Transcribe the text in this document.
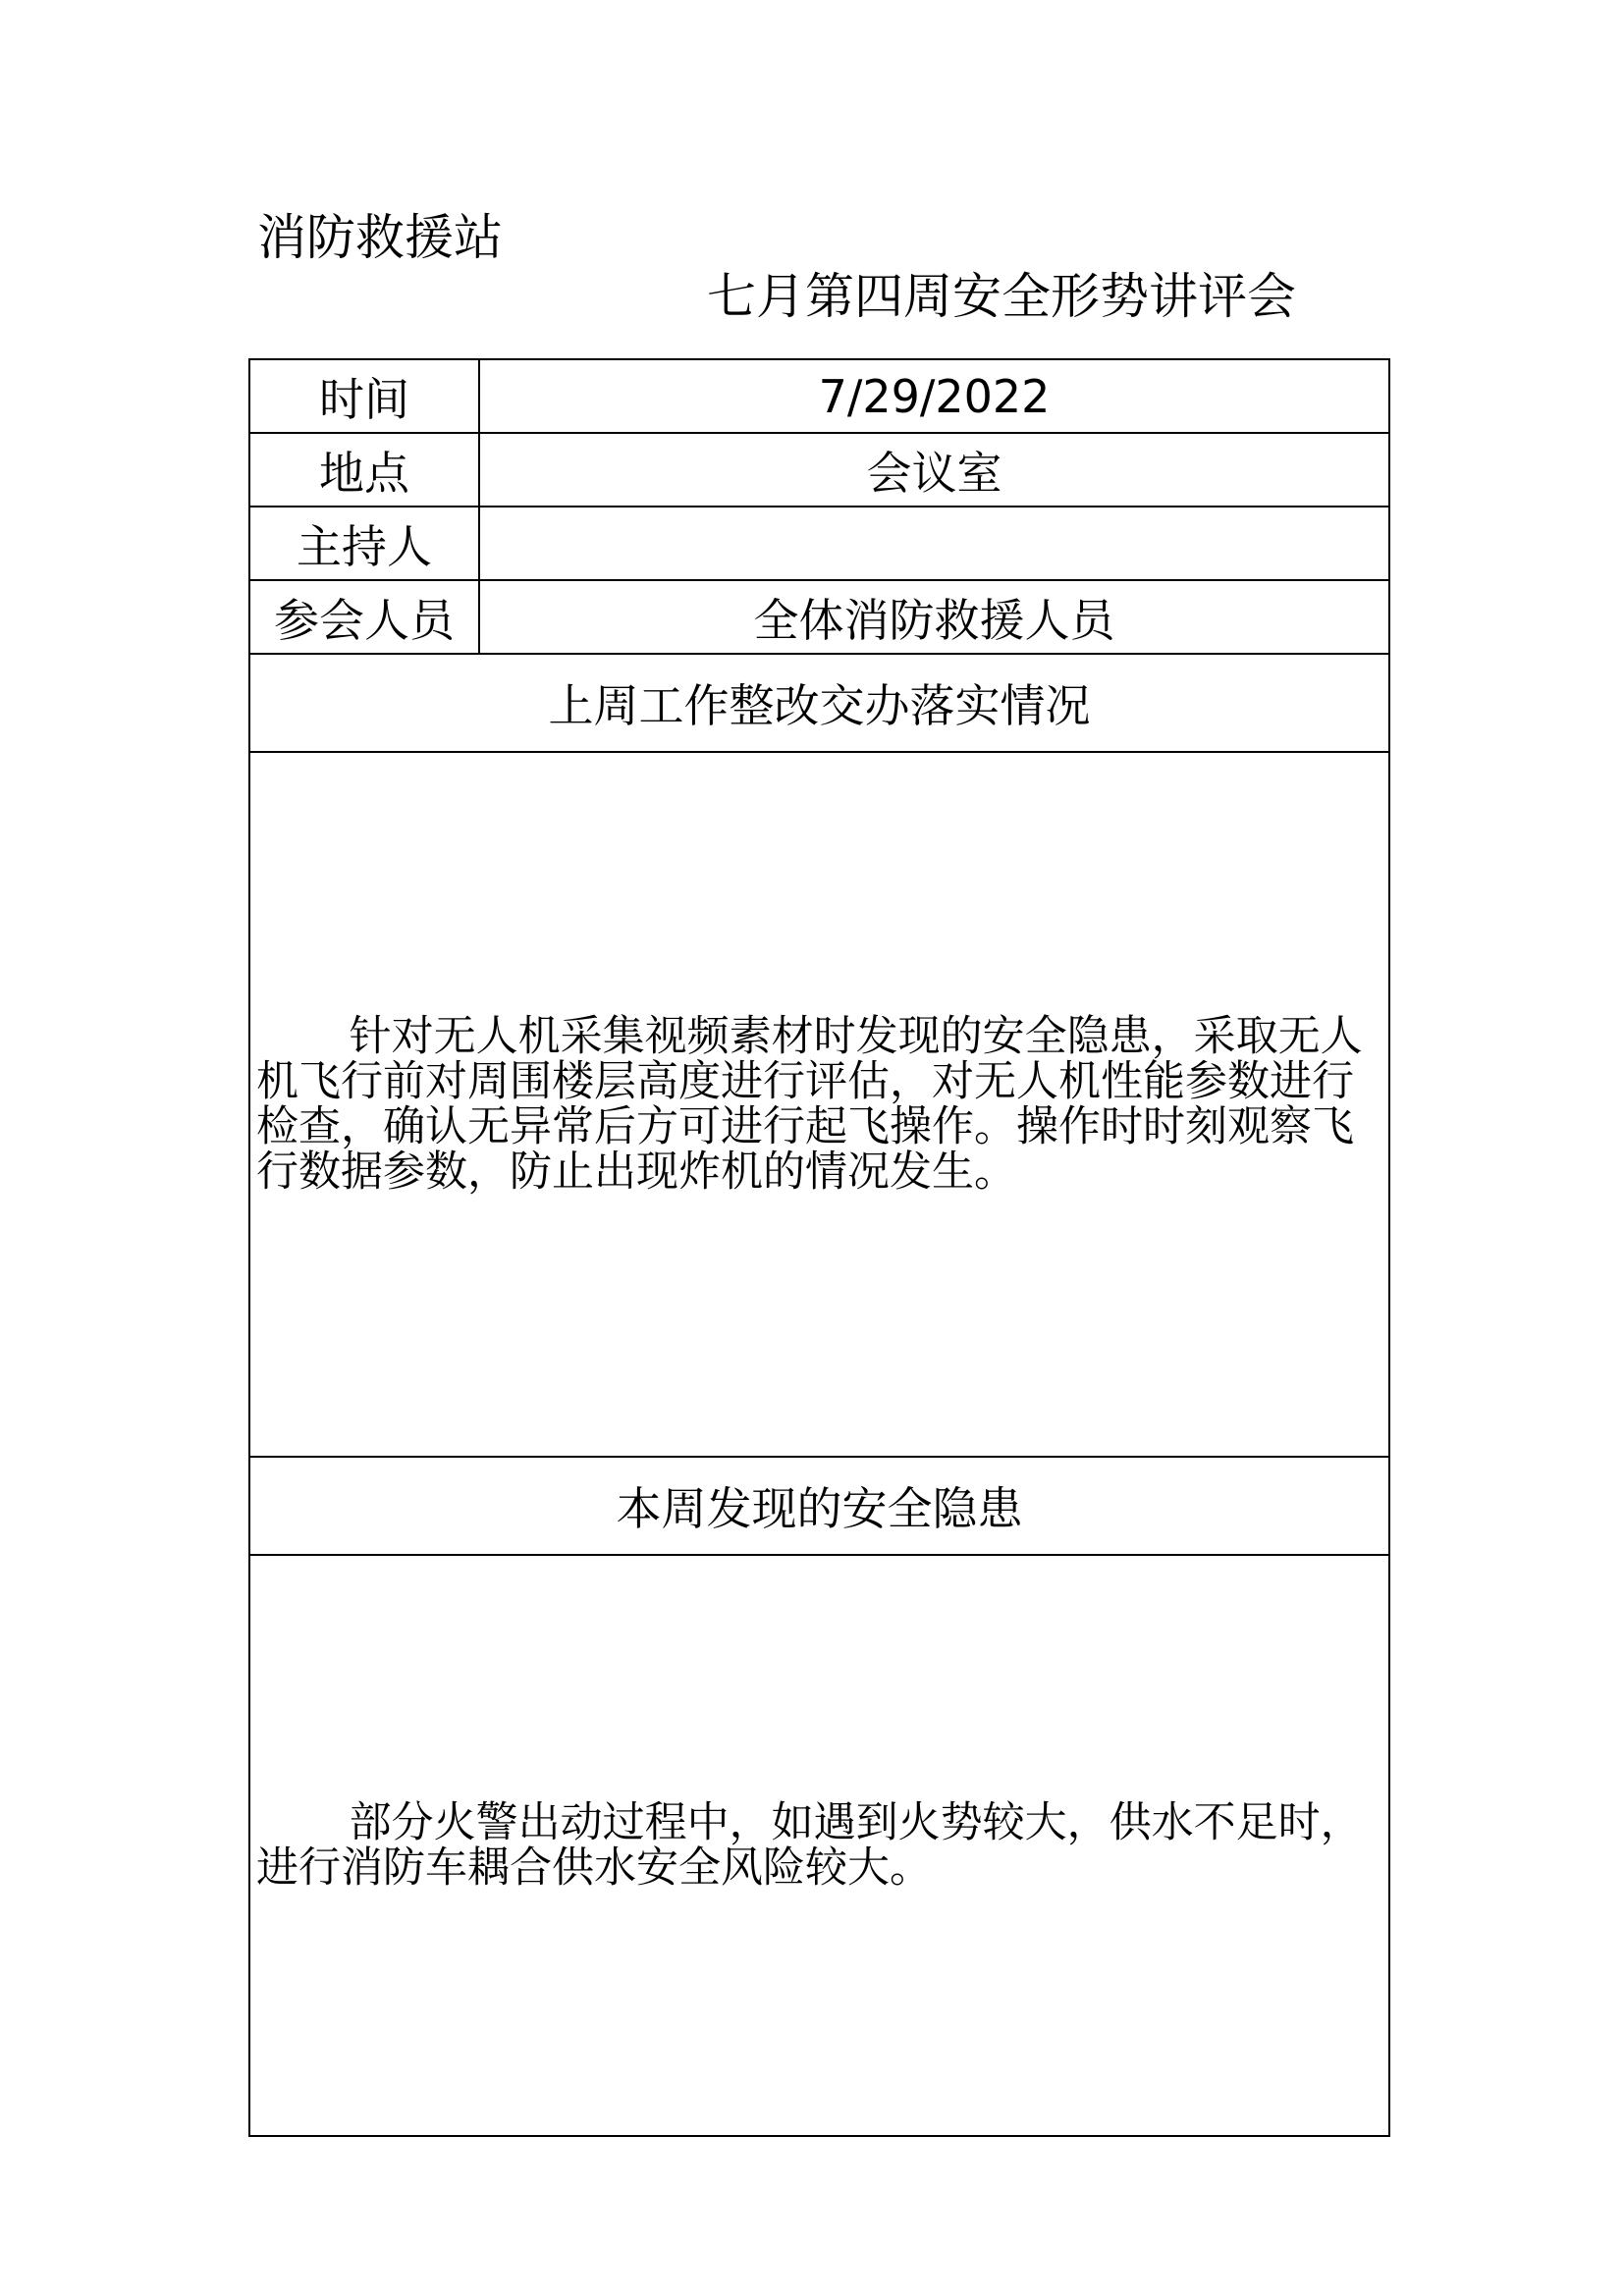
消防救援站
七月第四周安全形势讲评会
时间	7/29/2022
地点	会议室
主持人	
参会人员	全体消防救援人员
上周工作整改交办落实情况	

针对无人机采集视频素材时发现的安全隐患，采取无人机飞行前对周围楼层高度进行评估，对无人机性能参数进行检查，确认无异常后方可进行起飞操作。操作时时刻观察飞行数据参数，防止出现炸机的情况发生。	

本周发现的安全隐患	

部分火警出动过程中，如遇到火势较大，供水不足时，进行消防车耦合供水安全风险较大。	
